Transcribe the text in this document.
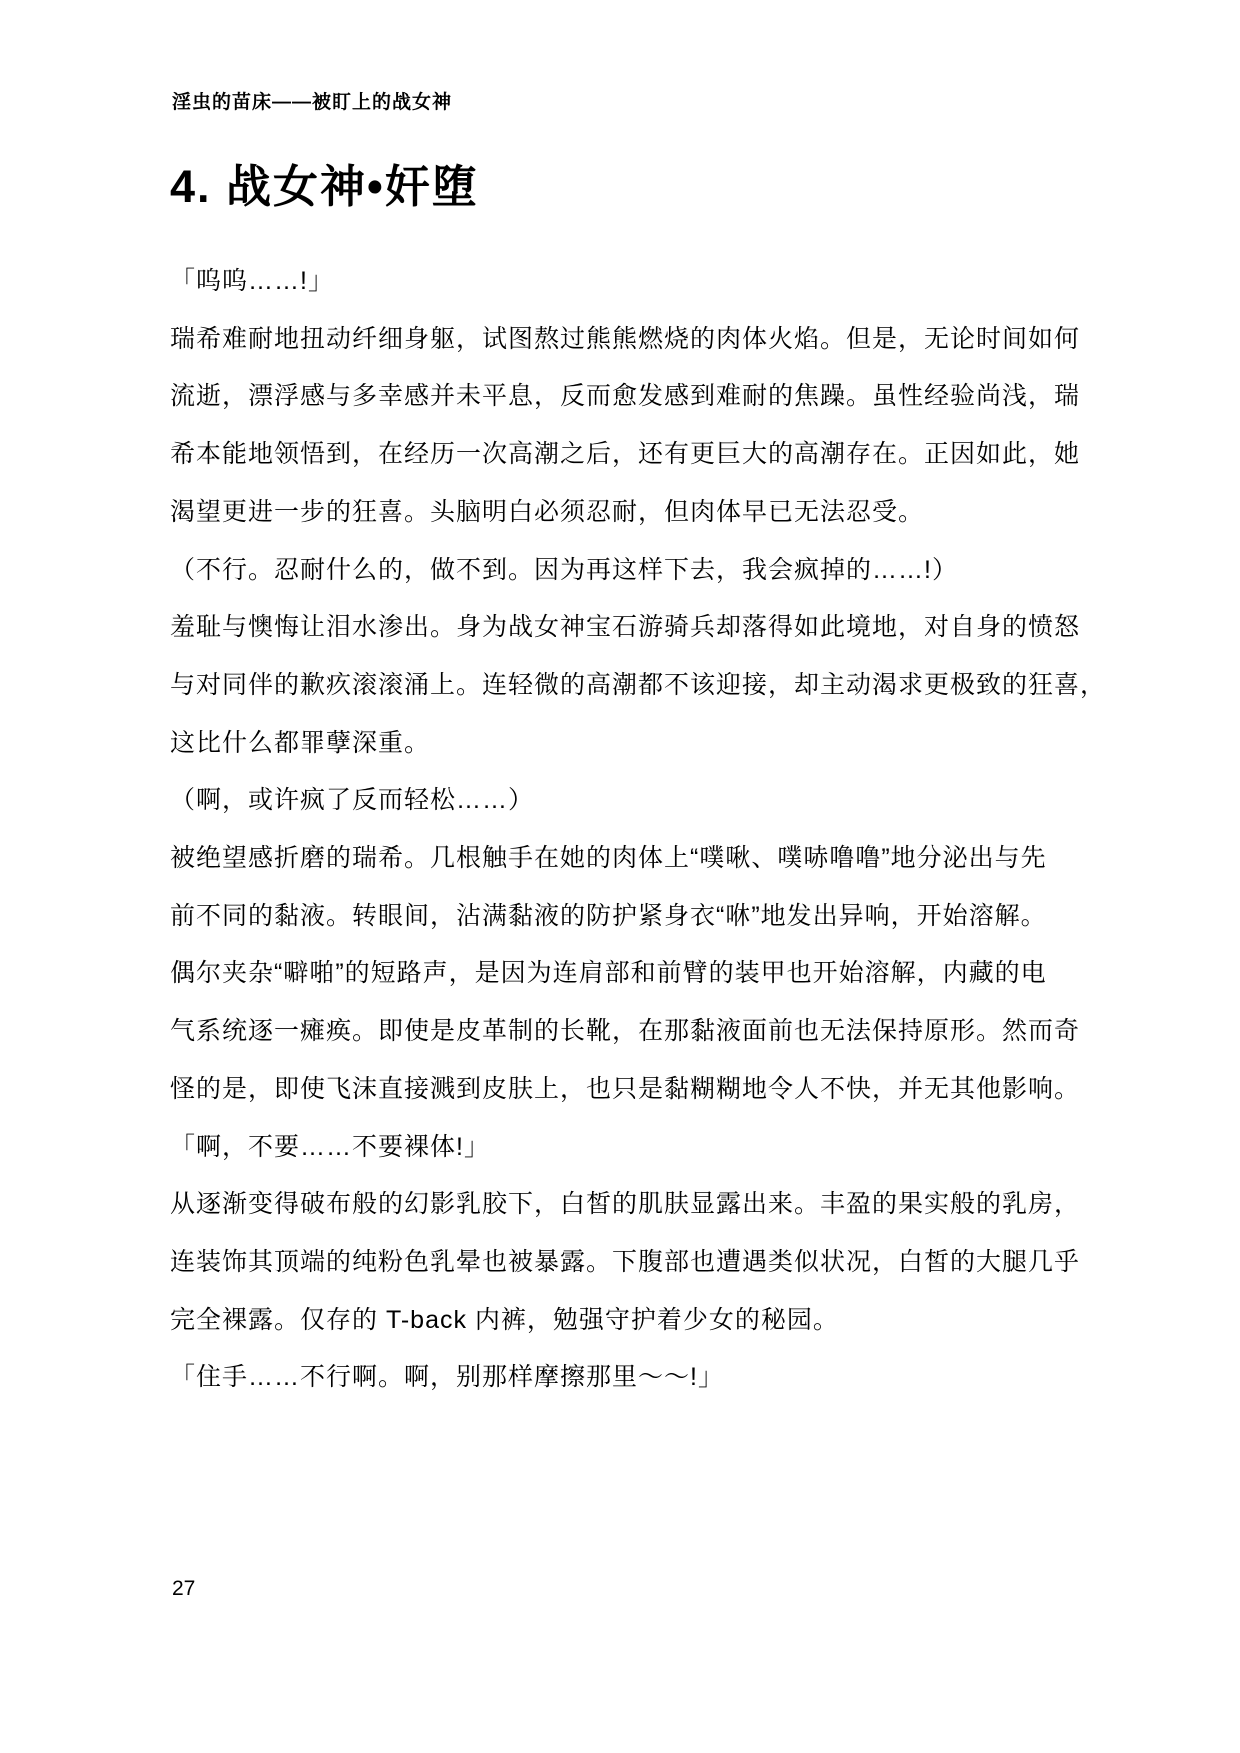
淫虫的苗床——被盯上的战女神
4. 战女神•奸堕
「呜呜……!」
瑞希难耐地扭动纤细身躯，试图熬过熊熊燃烧的肉体火焰。但是，无论时间如何
流逝，漂浮感与多幸感并未平息，反而愈发感到难耐的焦躁。虽性经验尚浅，瑞
希本能地领悟到，在经历一次高潮之后，还有更巨大的高潮存在。正因如此，她
渴望更进一步的狂喜。头脑明白必须忍耐，但肉体早已无法忍受。
（不行。忍耐什么的，做不到。因为再这样下去，我会疯掉的……!）
羞耻与懊悔让泪水渗出。身为战女神宝石游骑兵却落得如此境地，对自身的愤怒
与对同伴的歉疚滚滚涌上。连轻微的高潮都不该迎接，却主动渴求更极致的狂喜，
这比什么都罪孽深重。
（啊，或许疯了反而轻松……）
被绝望感折磨的瑞希。几根触手在她的肉体上“噗啾、噗哧噜噜”地分泌出与先
前不同的黏液。转眼间，沾满黏液的防护紧身衣“咻”地发出异响，开始溶解。
偶尔夹杂“噼啪”的短路声，是因为连肩部和前臂的装甲也开始溶解，内藏的电
气系统逐一瘫痪。即使是皮革制的长靴，在那黏液面前也无法保持原形。然而奇
怪的是，即使飞沫直接溅到皮肤上，也只是黏糊糊地令人不快，并无其他影响。
「啊，不要……不要裸体!」
从逐渐变得破布般的幻影乳胶下，白皙的肌肤显露出来。丰盈的果实般的乳房，
连装饰其顶端的纯粉色乳晕也被暴露。下腹部也遭遇类似状况，白皙的大腿几乎
完全裸露。仅存的 T-back 内裤，勉强守护着少女的秘园。
「住手……不行啊。啊，别那样摩擦那里～～!」
27
